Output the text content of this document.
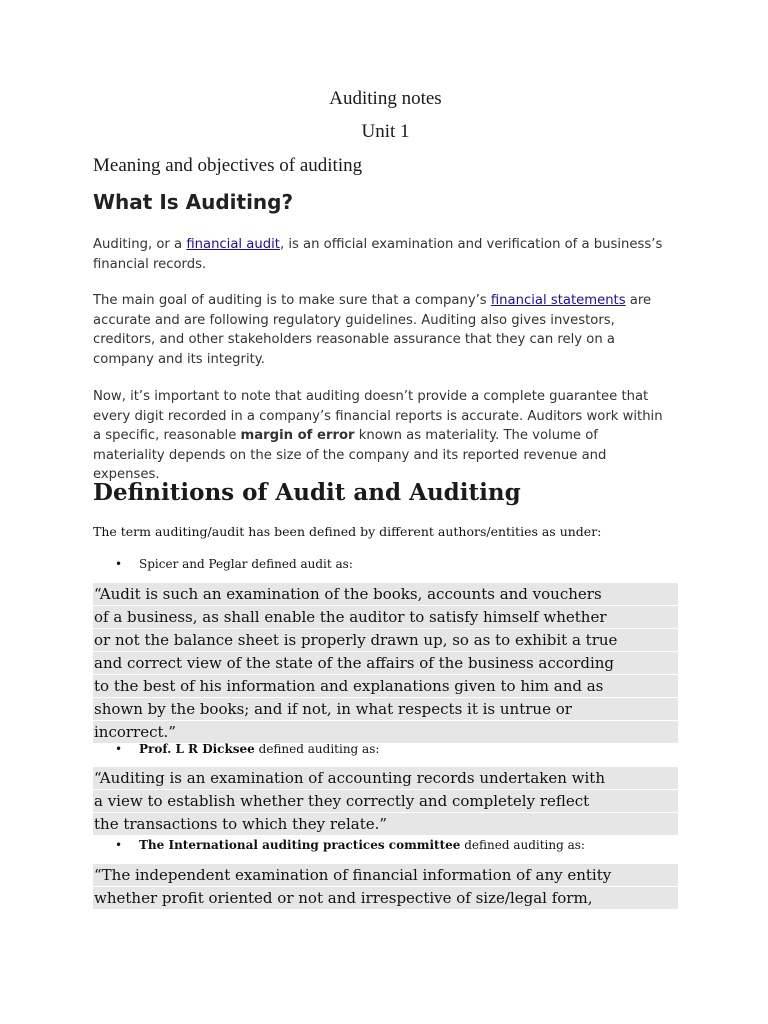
Auditing notes
Unit 1
Meaning and objectives of auditing
What Is Auditing?

Auditing, or a financial audit, is an official examination and verification of a business’s financial records.

The main goal of auditing is to make sure that a company’s financial statements are accurate and are following regulatory guidelines. Auditing also gives investors, creditors, and other stakeholders reasonable assurance that they can rely on a company and its integrity.

Now, it’s important to note that auditing doesn’t provide a complete guarantee that every digit recorded in a company’s financial reports is accurate. Auditors work within a specific, reasonable margin of error known as materiality. The volume of materiality depends on the size of the company and its reported revenue and expenses.

Definitions of Audit and Auditing
The term auditing/audit has been defined by different authors/entities as under:
• Spicer and Peglar defined audit as:
“Audit is such an examination of the books, accounts and vouchers
of a business, as shall enable the auditor to satisfy himself whether
or not the balance sheet is properly drawn up, so as to exhibit a true
and correct view of the state of the affairs of the business according
to the best of his information and explanations given to him and as
shown by the books; and if not, in what respects it is untrue or
incorrect.”
• Prof. L R Dicksee defined auditing as:
“Auditing is an examination of accounting records undertaken with
a view to establish whether they correctly and completely reflect
the transactions to which they relate.”
• The International auditing practices committee defined auditing as:
“The independent examination of financial information of any entity
whether profit oriented or not and irrespective of size/legal form,
